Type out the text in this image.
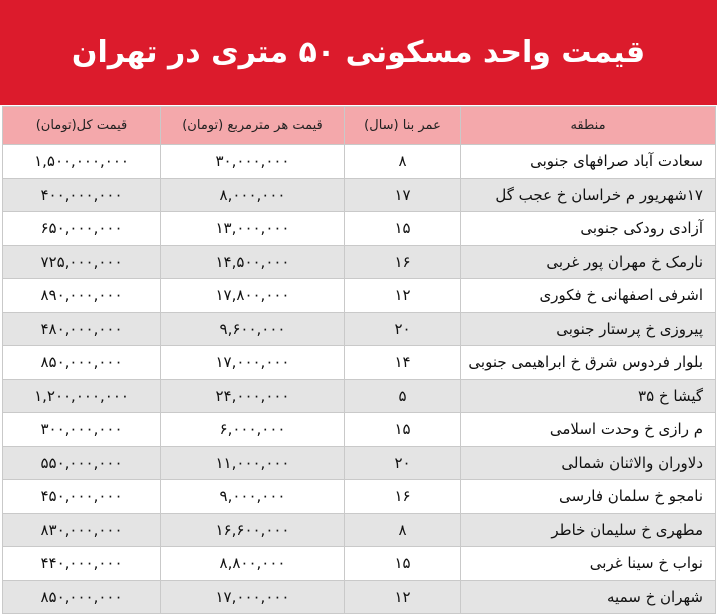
قیمت واحد مسکونی ۵۰ متری در تهران
منطقه	عمر بنا (سال)	قیمت هر مترمربع (تومان)	قیمت کل(تومان)
سعادت آباد صرافهای جنوبی	۸	۳۰,۰۰۰,۰۰۰	۱,۵۰۰,۰۰۰,۰۰۰
۱۷شهریور م خراسان خ عجب گل	۱۷	۸,۰۰۰,۰۰۰	۴۰۰,۰۰۰,۰۰۰
آزادی رودکی جنوبی	۱۵	۱۳,۰۰۰,۰۰۰	۶۵۰,۰۰۰,۰۰۰
نارمک خ مهران پور غربی	۱۶	۱۴,۵۰۰,۰۰۰	۷۲۵,۰۰۰,۰۰۰
اشرفی اصفهانی خ فکوری	۱۲	۱۷,۸۰۰,۰۰۰	۸۹۰,۰۰۰,۰۰۰
پیروزی خ پرستار جنوبی	۲۰	۹,۶۰۰,۰۰۰	۴۸۰,۰۰۰,۰۰۰
بلوار فردوس شرق خ ابراهیمی جنوبی	۱۴	۱۷,۰۰۰,۰۰۰	۸۵۰,۰۰۰,۰۰۰
گیشا خ ۳۵	۵	۲۴,۰۰۰,۰۰۰	۱,۲۰۰,۰۰۰,۰۰۰
م رازی خ وحدت اسلامی	۱۵	۶,۰۰۰,۰۰۰	۳۰۰,۰۰۰,۰۰۰
دلاوران والاثنان شمالی	۲۰	۱۱,۰۰۰,۰۰۰	۵۵۰,۰۰۰,۰۰۰
نامجو خ سلمان فارسی	۱۶	۹,۰۰۰,۰۰۰	۴۵۰,۰۰۰,۰۰۰
مطهری خ سلیمان خاطر	۸	۱۶,۶۰۰,۰۰۰	۸۳۰,۰۰۰,۰۰۰
نواب خ سینا غربی	۱۵	۸,۸۰۰,۰۰۰	۴۴۰,۰۰۰,۰۰۰
شهران خ سمیه	۱۲	۱۷,۰۰۰,۰۰۰	۸۵۰,۰۰۰,۰۰۰
